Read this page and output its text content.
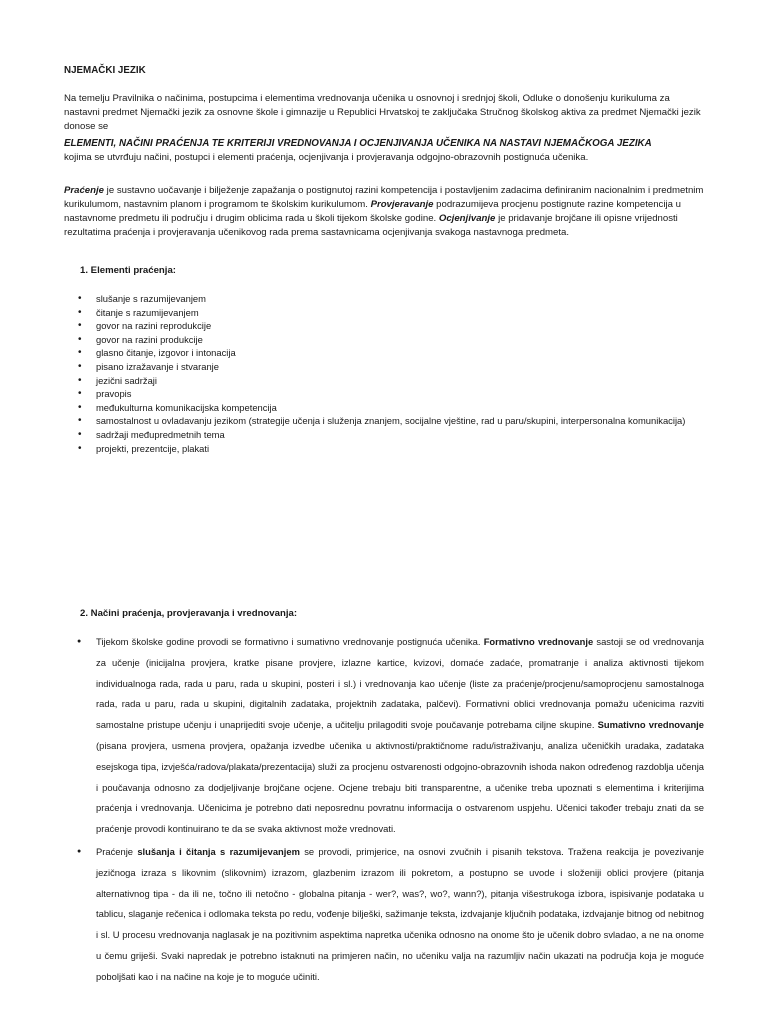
NJEMAČKI JEZIK
Na temelju Pravilnika o načinima, postupcima i elementima vrednovanja učenika u osnovnoj i srednjoj školi, Odluke o donošenju kurikuluma za nastavni predmet Njemački jezik za osnovne škole i gimnazije u Republici Hrvatskoj te zaključaka Stručnog školskog aktiva za predmet Njemački jezik donose se
ELEMENTI, NAČINI PRAĆENJA TE KRITERIJI VREDNOVANJA I OCJENJIVANJA UČENIKA NA NASTAVI NJEMAČKOGA JEZIKA
kojima se utvrđuju načini, postupci i elementi praćenja, ocjenjivanja i provjeravanja odgojno-obrazovnih postignuća učenika.
Praćenje je sustavno uočavanje i bilježenje zapažanja o postignutoj razini kompetencija i postavljenim zadacima definiranim nacionalnim i predmetnim kurikulumom, nastavnim planom i programom te školskim kurikulumom. Provjeravanje podrazumijeva procjenu postignute razine kompetencija u nastavnome predmetu ili području i drugim oblicima rada u školi tijekom školske godine. Ocjenjivanje je pridavanje brojčane ili opisne vrijednosti rezultatima praćenja i provjeravanja učenikovog rada prema sastavnicama ocjenjivanja svakoga nastavnoga predmeta.
1. Elementi praćenja:
• slušanje s razumijevanjem
• čitanje s razumijevanjem
• govor na razini reprodukcije
• govor na razini produkcije
• glasno čitanje, izgovor i intonacija
• pisano izražavanje i stvaranje
• jezični sadržaji
• pravopis
• međukulturna komunikacijska kompetencija
• samostalnost u ovladavanju jezikom (strategije učenja i služenja znanjem, socijalne vještine, rad u paru/skupini, interpersonalna komunikacija)
• sadržaji međupredmetnih tema
• projekti, prezentcije, plakati
2. Načini praćenja, provjeravanja i vrednovanja:
● Tijekom školske godine provodi se formativno i sumativno vrednovanje postignuća učenika. Formativno vrednovanje sastoji se od vrednovanja za učenje (inicijalna provjera, kratke pisane provjere, izlazne kartice, kvizovi, domaće zadaće, promatranje i analiza aktivnosti tijekom individualnoga rada, rada u paru, rada u skupini, posteri i sl.) i vrednovanja kao učenje (liste za praćenje/procjenu/samoprocjenu samostalnoga rada, rada u paru, rada u skupini, digitalnih zadataka, projektnih zadataka, palčevi). Formativni oblici vrednovanja pomažu učenicima razviti samostalne pristupe učenju i unaprijediti svoje učenje, a učitelju prilagoditi svoje poučavanje potrebama ciljne skupine. Sumativno vrednovanje (pisana provjera, usmena provjera, opažanja izvedbe učenika u aktivnosti/praktičnome radu/istraživanju, analiza učeničkih uradaka, zadataka esejskoga tipa, izvješća/radova/plakata/prezentacija) služi za procjenu ostvarenosti odgojno-obrazovnih ishoda nakon određenog razdoblja učenja i poučavanja odnosno za dodjeljivanje brojčane ocjene. Ocjene trebaju biti transparentne, a učenike treba upoznati s elementima i kriterijima praćenja i vrednovanja. Učenicima je potrebno dati neposrednu povratnu informacija o ostvarenom uspjehu. Učenici također trebaju znati da se praćenje provodi kontinuirano te da se svaka aktivnost može vrednovati.
● Praćenje slušanja i čitanja s razumijevanjem se provodi, primjerice, na osnovi zvučnih i pisanih tekstova. Tražena reakcija je povezivanje jezičnoga izraza s likovnim (slikovnim) izrazom, glazbenim izrazom ili pokretom, a postupno se uvode i složeniji oblici provjere (pitanja alternativnog tipa - da ili ne, točno ili netočno - globalna pitanja - wer?, was?, wo?, wann?), pitanja višestrukoga izbora, ispisivanje podataka u tablicu, slaganje rečenica i odlomaka teksta po redu, vođenje bilješki, sažimanje teksta, izdvajanje ključnih podataka, izdvajanje bitnog od nebitnog i sl. U procesu vrednovanja naglasak je na pozitivnim aspektima napretka učenika odnosno na onome što je učenik dobro svladao, a ne na onome u čemu griješi. Svaki napredak je potrebno istaknuti na primjeren način, no učeniku valja na razumljiv način ukazati na područja koja je moguće poboljšati kao i na načine na koje je to moguće učiniti.
